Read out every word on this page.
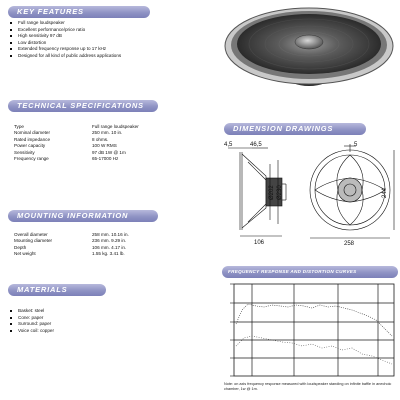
KEY FEATURES
Full range loudspeaker
Excellent performance/price ratio
High sensitivity 97 dB
Low distortion
Extended frequency response up to 17 kHz
Designed for all kind of public address applications
TECHNICAL SPECIFICATIONS
Type	Full range loudspeaker
Nominal diameter	250 mm. 10 in.
Rated impedance	8 ohms.
Power capacity	100 W RMS
Sensitivity	97 dB 1W @ 1m
Frequency range	65-17000 Hz
DIMENSION DRAWINGS
4,5	46,5	5
Ø202 Ø230	244
106	258
MOUNTING INFORMATION
Overall diameter	258 mm. 10.16 in.
Mounting diameter	236 mm. 9.29 in.
Depth	106 mm. 4.17 in.
Net weight	1.55 kg. 3.41 lb.
MATERIALS
Basket: steel
Cone: paper
Surround: paper
Voice coil: copper
FREQUENCY RESPONSE AND DISTORTION CURVES
Note: on axis frequency response measured with loudspeaker standing on infinite baffle in anechoic chamber, 1w @ 1m.
